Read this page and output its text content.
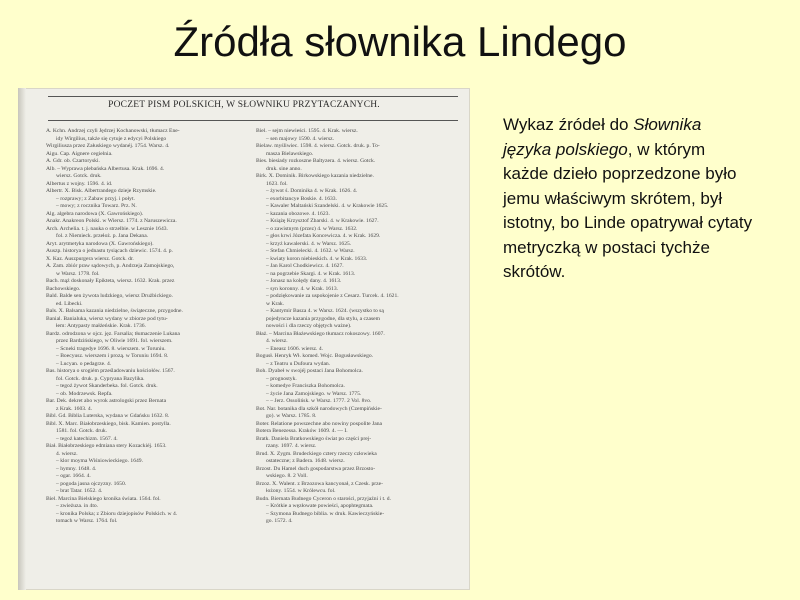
Źródła słownika Lindego
POCZET PISM POLSKICH, W SŁOWNIKU PRZYTACZANYCH.
A. Kchn. Andrzej czyli Jędrzej Kochanowski, tłumacz Ene-
idy Wirgilius, także się cytuje z edycyi Polskiego
Wirgiliusza przez Załuskiego wydanéj. 1754. Warsz. 4.
Aigu. Cap. Aignere cegielnia.
A. Gdr. ob. Czartoryski.
Alb. – Wyprawa plebańska Albertusa. Krak. 1696. 4.
wiersz. Gotck. druk.
Albertus z wojny. 1596. 4. id.
Albertr. X. Bisk. Albertrandego dzieje Rzymskie.
– rozprawy; z Zabaw przyj. i połyt.
– mowy; z rocznika Towarz. Prz. N.
Alg. algebra narodowa (X. Gawrońskiego).
Anakr. Anakreon Polski. w Wiersz. 1774. z Naruszewicza.
Arch. Archelia. t. j. nauka o strzelbie. w Lesznie 1643.
fol. z Niemieck. przełoż. p. Jana Dekana.
Aryt. arytmetyka narodowa (X. Gawrońskiego).
Auszp. historya o jednastu tysiącach dziewic. 1574. 4. p.
X. Kaz. Auszpurgera wiersz. Gotck. dr.
A. Zam. zbiór praw sądowych, p. Andrzeja Zamojskiego,
w Warsz. 1778. fol.
Bach. mąż doskonały Epikteta, wiersz. 1632. Krak. przez
Bachowskiego.
Bald. Balde sen żywota ludzkiego, wiersz Drużbickiego.
ed. Libecki.
Bals. X. Balsama kazania niedzielne, świąteczne, przygodne.
Banial. Banialuka, wiersz wydany w zbiorze pod tytu-
łem: Antypasty małżeńskie. Krak. 1736.
Bardz. odrodzona w ojcz. jęz. Farsalia; tłumaczenie Lukana
przez Bardzińskiego, w Oliwie 1691. fol. wierszem.
– Scneki tragedye 1696. 8. wierszem. w Toruniu.
– Boecyusz. wierszem i prozą. w Toruniu 1694. 8.
– Lucyan. o pedagrze. 4.
Bas. historya o srogiém prześladowaniu kościołów. 1567.
fol. Gotck. druk. p. Cypryana Bazylika.
– tegoż żywot Skanderbeka. fol. Gotck. druk.
– ob. Modrzewsk. Repfa.
Bar. Dek. dekret abo wyrok astrologski przez Bernata
z Krak. 1603. 4.
Bibl. Gd. Biblia Luterska, wydana w Gdańsku 1632. 8.
Bibl. X. Marc. Białobrzeskiego, bisk. Kamien. postylla.
1581. fol. Gotck. druk.
– tegoż katechizm. 1567. 4.
Biał. Białobrzeskiego edmiana stery Kozackiéj. 1653.
4. wiersz.
– klor moyma Wiśniowieckiego. 1649.
– hymny. 1648. 4.
– ogar. 1664. 4.
– pogoda jasna ojczyzny. 1650.
– brat Tatar. 1652. 4.
Biel. Marcina Bielskiego kronika świata. 1564. fol.
– zwieżuza. in 4to.
– kronika Polska; z Zbioru dziejopisów Polskich. w 4.
tomach w Warsz. 1764. fol.
Biel. – sejm niewieści. 1595. 4. Krak. wiersz.
– sen majowy 1590. 4. wiersz.
Bielaw. myśliwiec. 1598. 4. wiersz. Gotck. druk. p. To-
masza Bielawskiego.
Bies. biesiady rozkoszne Baltyzera. 4. wiersz. Gotck.
druk. sine anno.
Birk. X. Dominik. Birkowskiego kazania niedzielne.
1623. fol.
– żywot ś. Dominika 4. w Krak. 1626. 4.
– exorbitancye Boskie. 4. 1633.
– Kawaler Maltański Szandelski. 4. w Krakowie 1625.
– kazania obozowe. 4. 1623.
– Książę Krzysztof Zbarski. 4. w Krakowie. 1627.
– o zawistnym (przez) 4. w Warsz. 1632.
– głos krwi Józefata Koncewicza. 4. w Krak. 1629.
– krzyż kawalerski. 4. w Warsz. 1625.
– Stefan Chmielecki. 4. 1632. w Warsz.
– kwiaty koron niebieskich. 4. w Krak. 1633.
– Jan Karol Chodkiewicz. 4. 1627.
– na pogrzebie Skargi. 4. w Krak. 1613.
– Jonasz na kolędy dany. 4. 1613.
– syn koronny. 4. w Krak. 1613.
– podziękowanie za uspokojenie z Cesarz. Turcek. 4. 1621.
w Krak.
– Kantymir Basza 4. w Warsz. 1624. (wszystko to są
pojedyncze kazania przygodne, dla stylu, a czasem
nowości i dla rzeczy objętych ważne).
Błaż. – Marcina Błażewskiego tłumacz rokoszowy. 1607.
4. wiersz.
– Eneasz 1606. wiersz. 4.
Bogusł. Henryk Wł. komed. Wojc. Bogusławskiego.
– z Teatru u Dufoura wydan.
Boh. Dyabeł w swojéj postaci Jana Bohomolca.
– prognostyk.
– komedye Franciszka Bohomolca.
– życie Jana Zamojskiego. w Warsz. 1775.
– – Jerz. Ossolińsk. w Warsz. 1777. 2 Vol. 8vo.
Bot. Nar. botanika dla szkół narodowych (Czempińskie-
go). w Warsz. 1785. 8.
Boter. Relatione powszechne abo nowiny pospolite Jana
Botera Benezessa. Kraków 1609. 4. — I.
Bratk. Daniela Bratkowskiego świat po części prej-
rzany. 1697. 4. wiersz.
Brud. X. Zygm. Brudeckiego cztery rzeczy człowieka
ostateczne; z Badera. 1648. wiersz.
Brzost. Du Hamel duch gospodarstwa przez Brzosto-
wskiego. 8. 2 Voll.
Brzoz. X. Walent. z Brzozowa kancyonał, z Czesk. prze-
łożony. 1554. w Królewcu. fol.
Budn. Biernata Budnego Cyceron o starości, przyjaźni i t. d.
– Krótkie a węzłowate powieści, apophtegmata.
– Szymona Budnego biblia. w druk. Kawieczyńskie-
go. 1572. 4.
Wykaz źródeł do Słownika języka polskiego, w którym każde dzieło poprzedzone było jemu właściwym skrótem, był istotny, bo Linde opatrywał cytaty metryczką w postaci tychże skrótów.
